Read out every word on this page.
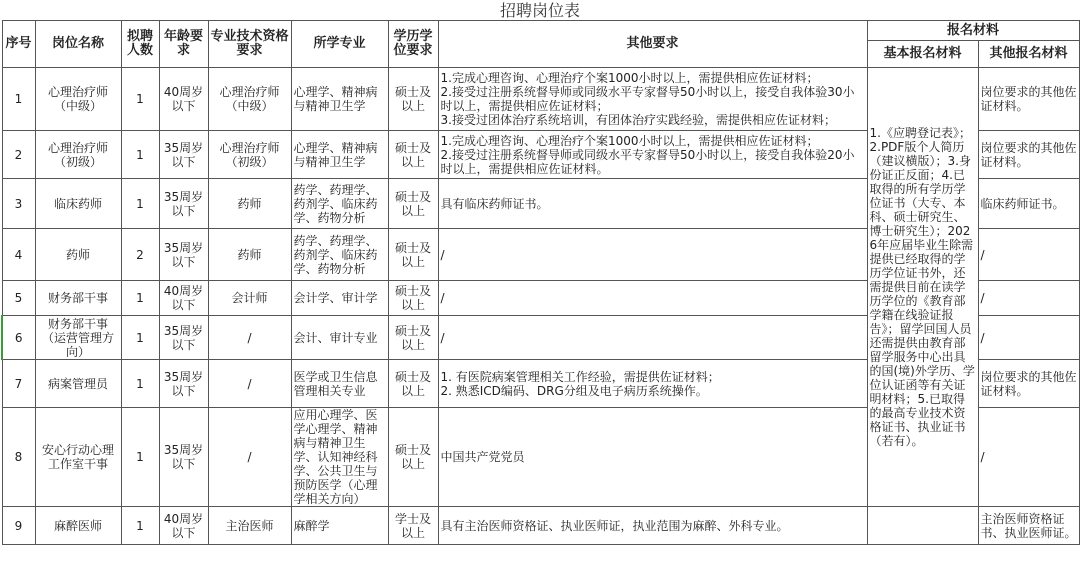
招聘岗位表
序号	岗位名称	拟聘人数	年龄要求	专业技术资格要求	所学专业	学历学位要求	其他要求	报名材料	
								基本报名材料	其他报名材料
1	心理治疗师（中级）	1	40周岁以下	心理治疗师（中级）	心理学、精神病与精神卫生学	硕士及以上	1.完成心理咨询、心理治疗个案1000小时以上，需提供相应佐证材料；
2.接受过注册系统督导师或同级水平专家督导50小时以上，接受自我体验30小时以上，需提供相应佐证材料；
3.接受过团体治疗系统培训，有团体治疗实践经验，需提供相应佐证材料；	1.《应聘登记表》；2.PDF版个人简历（建议横版）；3.身份证正反面；4.已取得的所有学历学位证书（大专、本科、硕士研究生、博士研究生）；2026年应届毕业生除需提供已经取得的学历学位证书外，还需提供目前在读学历学位的《教育部学籍在线验证报告》；留学回国人员还需提供由教育部留学服务中心出具的国(境)外学历、学位认证函等有关证明材料；5.已取得的最高专业技术资格证书、执业证书（若有）。	岗位要求的其他佐证材料。
2	心理治疗师（初级）	1	35周岁以下	心理治疗师（初级）	心理学、精神病与精神卫生学	硕士及以上	1.完成心理咨询、心理治疗个案1000小时以上，需提供相应佐证材料；
2.接受过注册系统督导师或同级水平专家督导50小时以上，接受自我体验20小时以上，需提供相应佐证材料。		岗位要求的其他佐证材料。
3	临床药师	1	35周岁以下	药师	药学、药理学、药剂学、临床药学、药物分析	硕士及以上	具有临床药师证书。		临床药师证书。
4	药师	2	35周岁以下	药师	药学、药理学、药剂学、临床药学、药物分析	硕士及以上	/		/
5	财务部干事	1	40周岁以下	会计师	会计学、审计学	硕士及以上	/		/
6	财务部干事（运营管理方向）	1	35周岁以下	/	会计、审计专业	硕士及以上	/		/
7	病案管理员	1	35周岁以下	/	医学或卫生信息管理相关专业	硕士及以上	1. 有医院病案管理相关工作经验，需提供佐证材料；
2. 熟悉ICD编码、DRG分组及电子病历系统操作。		岗位要求的其他佐证材料。
8	安心行动心理工作室干事	1	35周岁以下	/	应用心理学、医学心理学、精神病与精神卫生学、认知神经科学、公共卫生与预防医学（心理学相关方向）	硕士及以上	中国共产党党员		/
9	麻醉医师	1	40周岁以下	主治医师	麻醉学	学士及以上	具有主治医师资格证、执业医师证，执业范围为麻醉、外科专业。		主治医师资格证书、执业医师证。
